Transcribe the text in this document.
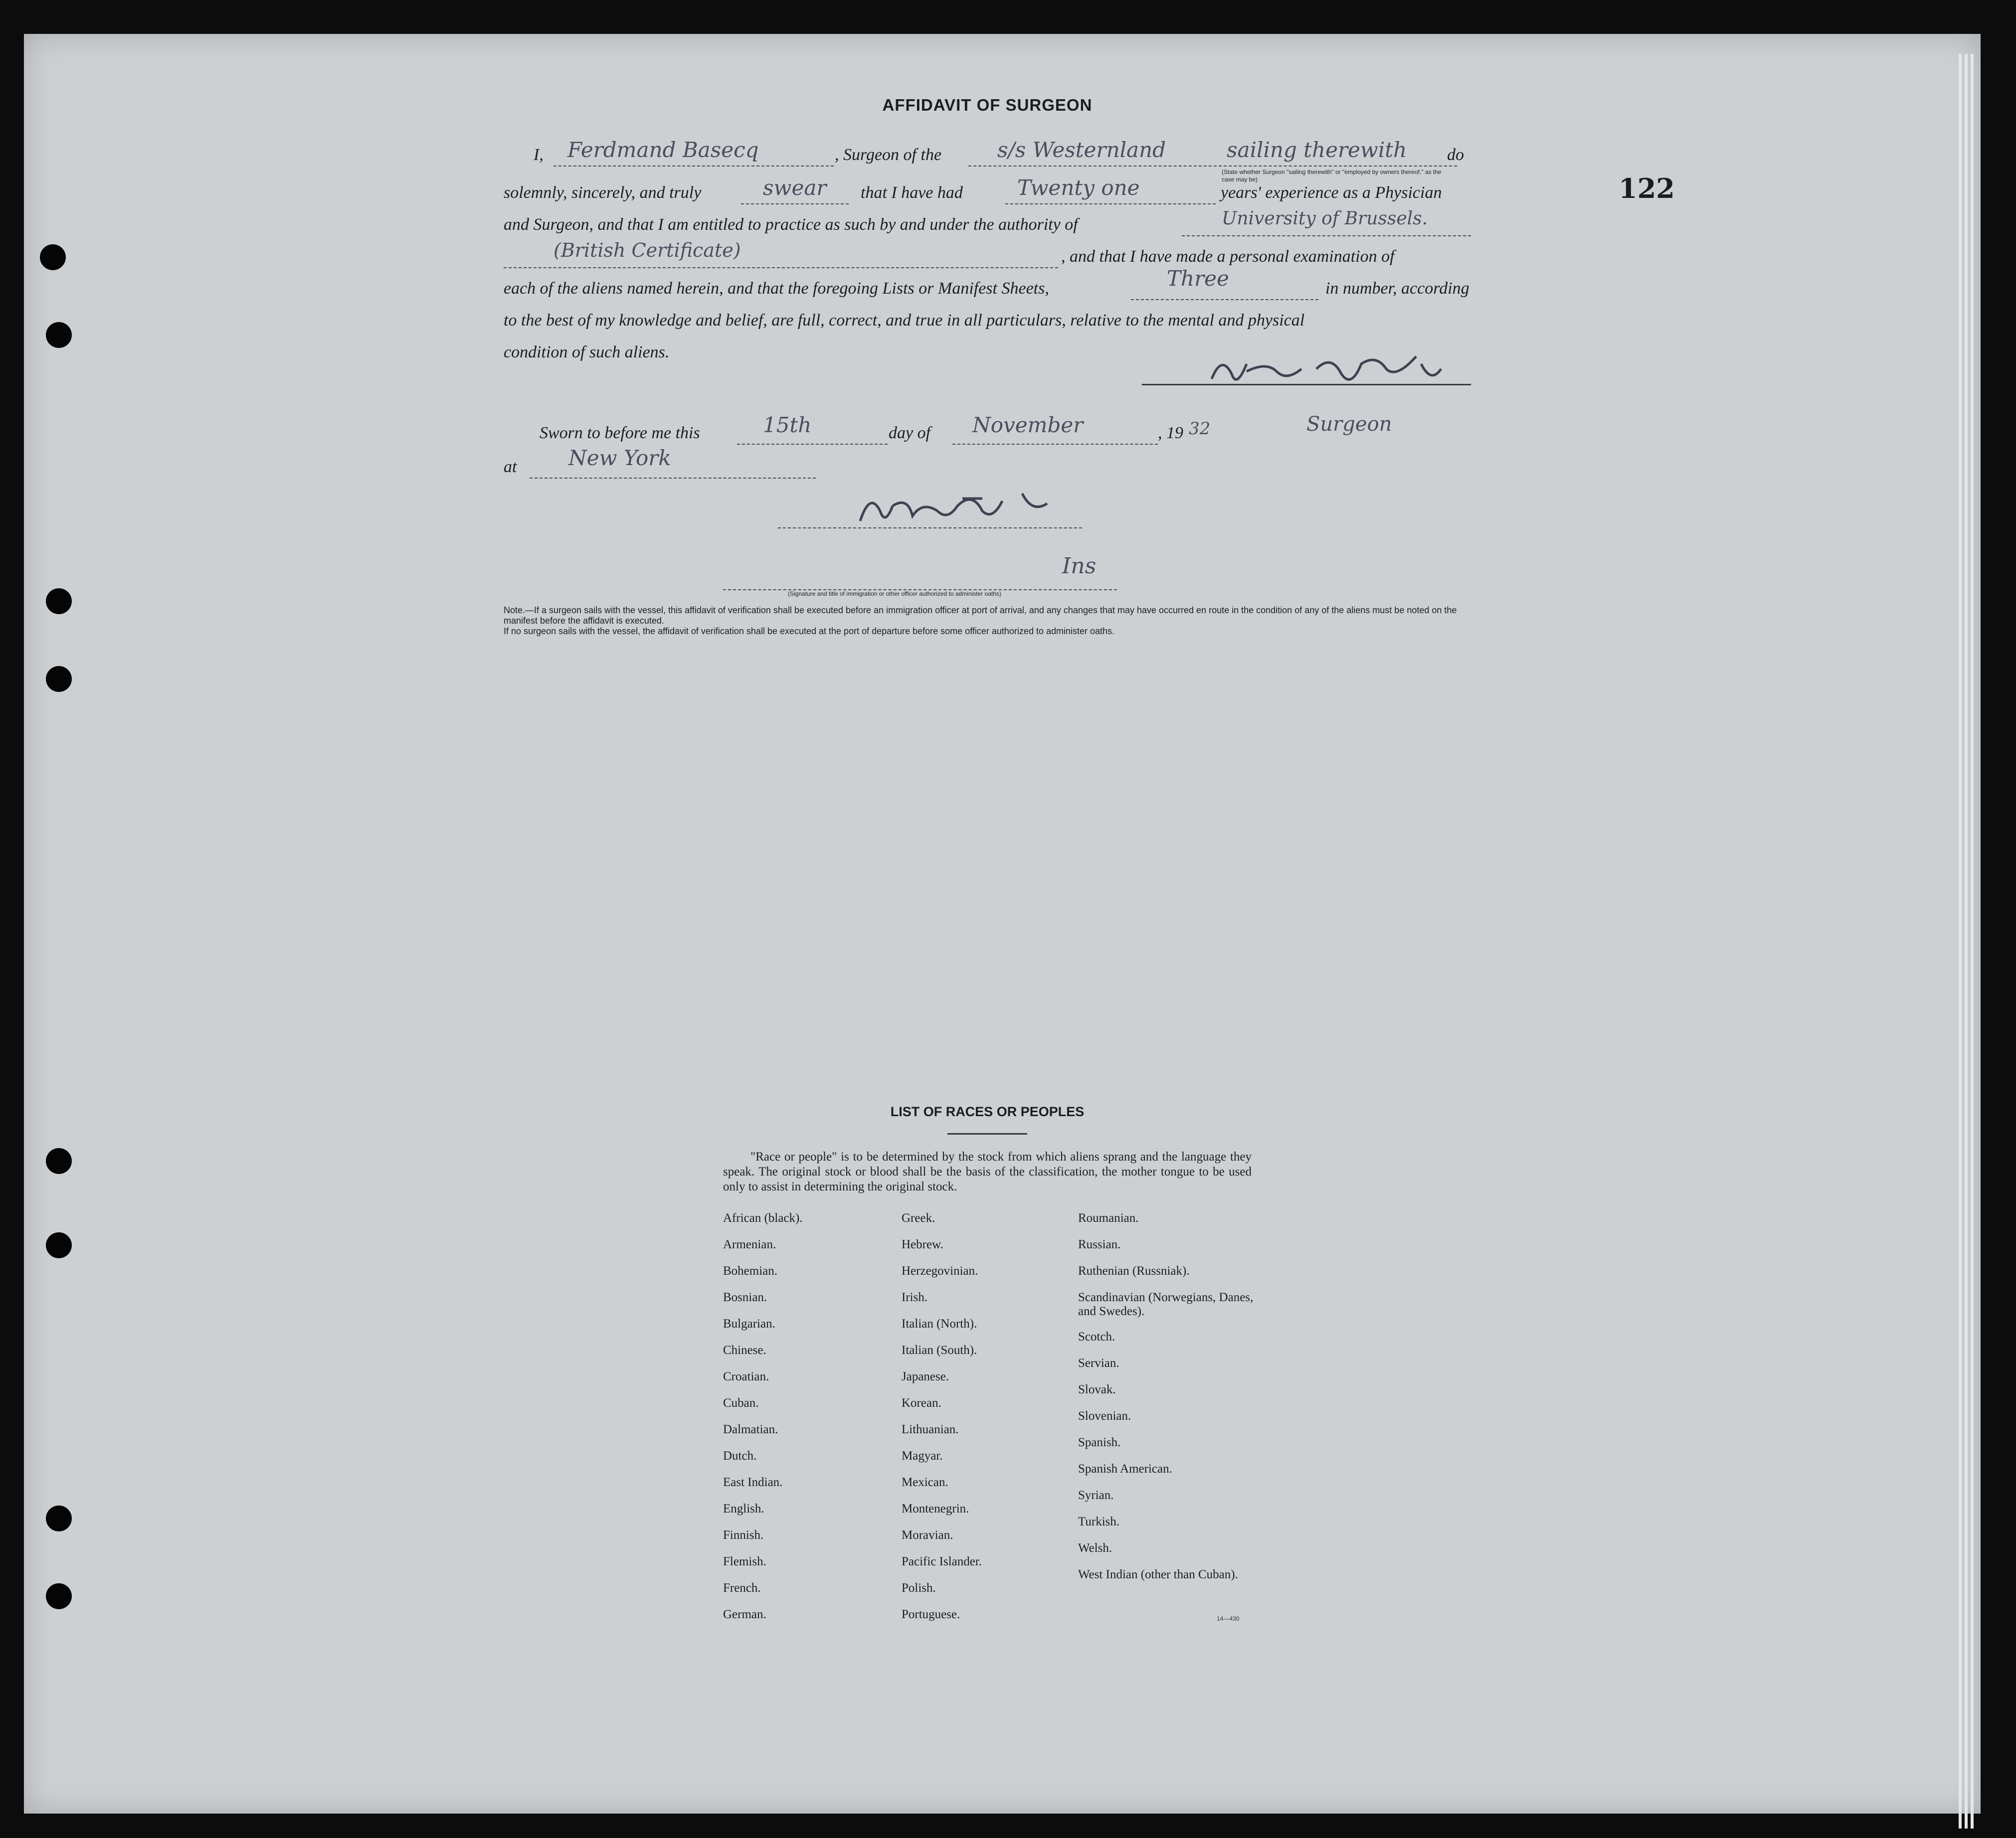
122
AFFIDAVIT OF SURGEON
I, Ferdmand Basecq	, Surgeon of the	s/s Westernland	sailing therewith do
(State whether Surgeon "sailing therewith" or "employed by owners thereof," as the case may be)
solemnly, sincerely, and truly	swear that I have had	Twenty one	years' experience as a Physician
and Surgeon, and that I am entitled to practice as such by and under the authority of	University of Brussels.
(British Certificate)	, and that I have made a personal examination of
each of the aliens named herein, and that the foregoing Lists or Manifest Sheets,	Three	in number, according
to the best of my knowledge and belief, are full, correct, and true in all particulars, relative to the mental and physical
condition of such aliens.
Surgeon
Sworn to before me this	15th	day of November	, 19 32
at New York
Ins
(Signature and title of immigration or other officer authorized to administer oaths)

Note.—If a surgeon sails with the vessel, this affidavit of verification shall be executed before an immigration officer at port of arrival, and any changes that may have occurred en route in the condition of any of the aliens must be noted on the manifest before the affidavit is executed.

If no surgeon sails with the vessel, the affidavit of verification shall be executed at the port of departure before some officer authorized to administer oaths.

LIST OF RACES OR PEOPLES

"Race or people" is to be determined by the stock from which aliens sprang and the language they speak. The original stock or blood shall be the basis of the classification, the mother tongue to be used only to assist in determining the original stock.

African (black).
Armenian.
Bohemian.
Bosnian.
Bulgarian.
Chinese.
Croatian.
Cuban.
Dalmatian.
Dutch.
East Indian.
English.
Finnish.
Flemish.
French.
German.
Greek.
Hebrew.
Herzegovinian.
Irish.
Italian (North).
Italian (South).
Japanese.
Korean.
Lithuanian.
Magyar.
Mexican.
Montenegrin.
Moravian.
Pacific Islander.
Polish.
Portuguese.
Roumanian.
Russian.
Ruthenian (Russniak).
Scandinavian (Norwegians, Danes, and Swedes).
Scotch.
Servian.
Slovak.
Slovenian.
Spanish.
Spanish American.
Syrian.
Turkish.
Welsh.
West Indian (other than Cuban).
14—430
